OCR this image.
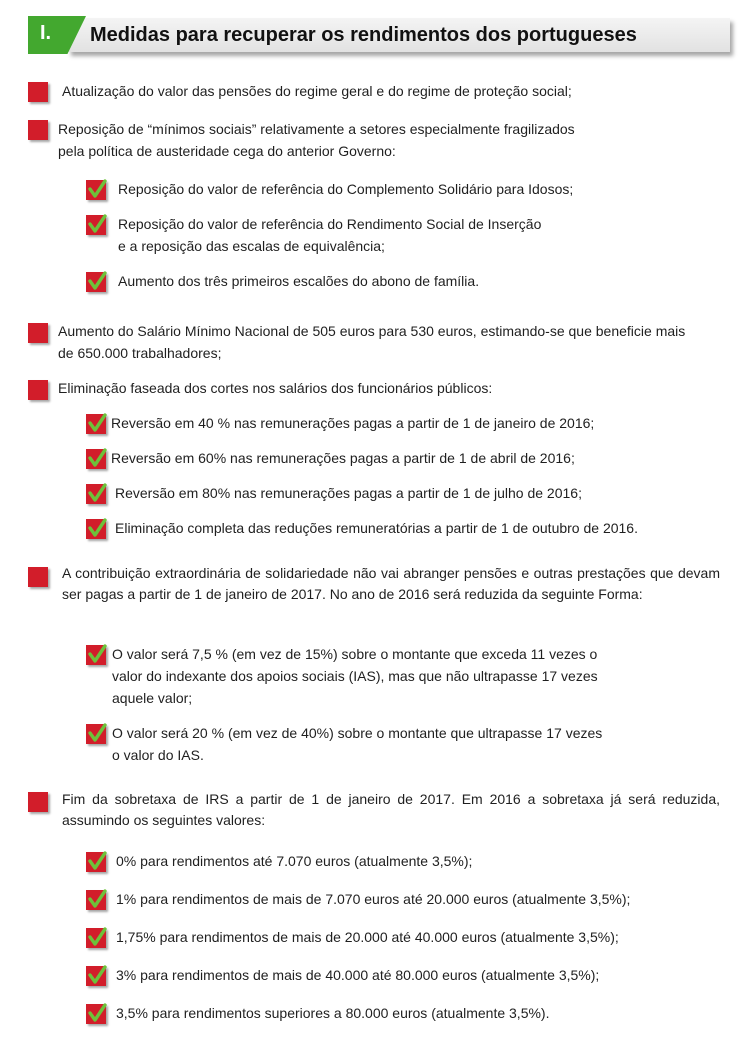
I. Medidas para recuperar os rendimentos dos portugueses
Atualização do valor das pensões do regime geral e do regime de proteção social;
Reposição de “mínimos sociais” relativamente a setores especialmente fragilizados
pela política de austeridade cega do anterior Governo:
Reposição do valor de referência do Complemento Solidário para Idosos;
Reposição do valor de referência do Rendimento Social de Inserção
e a reposição das escalas de equivalência;
Aumento dos três primeiros escalões do abono de família.
Aumento do Salário Mínimo Nacional de 505 euros para 530 euros, estimando-se que beneficie mais
de 650.000 trabalhadores;
Eliminação faseada dos cortes nos salários dos funcionários públicos:
Reversão em 40 % nas remunerações pagas a partir de 1 de janeiro de 2016;
Reversão em 60% nas remunerações pagas a partir de 1 de abril de 2016;
Reversão em 80% nas remunerações pagas a partir de 1 de julho de 2016;
Eliminação completa das reduções remuneratórias a partir de 1 de outubro de 2016.
A contribuição extraordinária de solidariedade não vai abranger pensões e outras prestações que devam ser pagas a partir de 1 de janeiro de 2017. No ano de 2016 será reduzida da seguinte Forma:
O valor será 7,5 % (em vez de 15%) sobre o montante que exceda 11 vezes o
valor do indexante dos apoios sociais (IAS), mas que não ultrapasse 17 vezes
aquele valor;
O valor será 20 % (em vez de 40%) sobre o montante que ultrapasse 17 vezes
o valor do IAS.
Fim da sobretaxa de IRS a partir de 1 de janeiro de 2017. Em 2016 a sobretaxa já será reduzida, assumindo os seguintes valores:
0% para rendimentos até 7.070 euros (atualmente 3,5%);
1% para rendimentos de mais de 7.070 euros até 20.000 euros (atualmente 3,5%);
1,75% para rendimentos de mais de 20.000 até 40.000 euros (atualmente 3,5%);
3% para rendimentos de mais de 40.000 até 80.000 euros (atualmente 3,5%);
3,5% para rendimentos superiores a 80.000 euros (atualmente 3,5%).
